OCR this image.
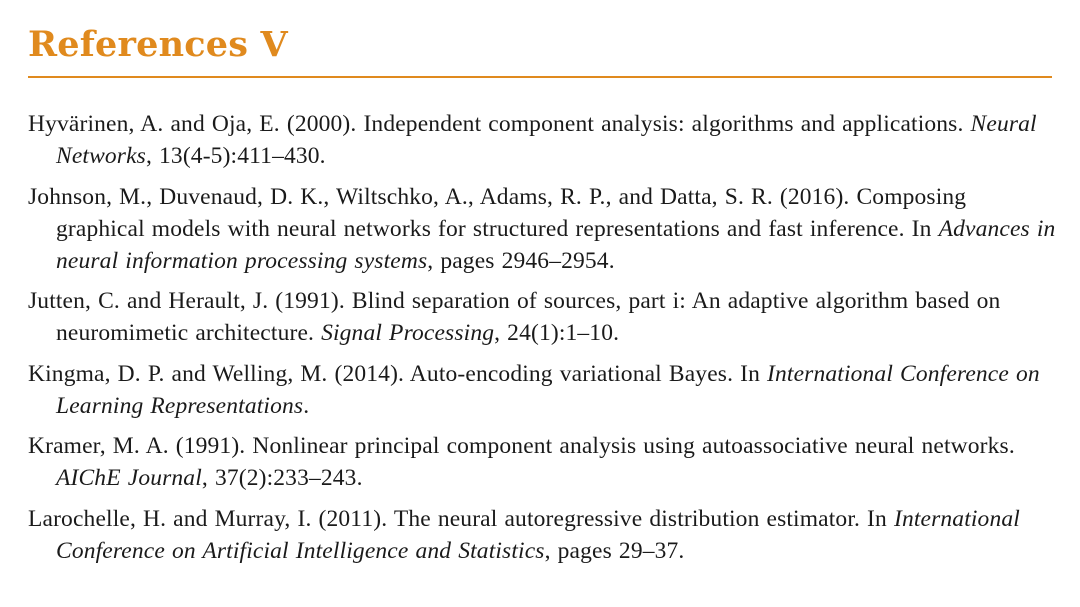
References V
Hyvärinen, A. and Oja, E. (2000). Independent component analysis: algorithms and applications. Neural Networks, 13(4-5):411–430.
Johnson, M., Duvenaud, D. K., Wiltschko, A., Adams, R. P., and Datta, S. R. (2016). Composing graphical models with neural networks for structured representations and fast inference. In Advances in neural information processing systems, pages 2946–2954.
Jutten, C. and Herault, J. (1991). Blind separation of sources, part i: An adaptive algorithm based on neuromimetic architecture. Signal Processing, 24(1):1–10.
Kingma, D. P. and Welling, M. (2014). Auto-encoding variational Bayes. In International Conference on Learning Representations.
Kramer, M. A. (1991). Nonlinear principal component analysis using autoassociative neural networks. AIChE Journal, 37(2):233–243.
Larochelle, H. and Murray, I. (2011). The neural autoregressive distribution estimator. In International Conference on Artificial Intelligence and Statistics, pages 29–37.
